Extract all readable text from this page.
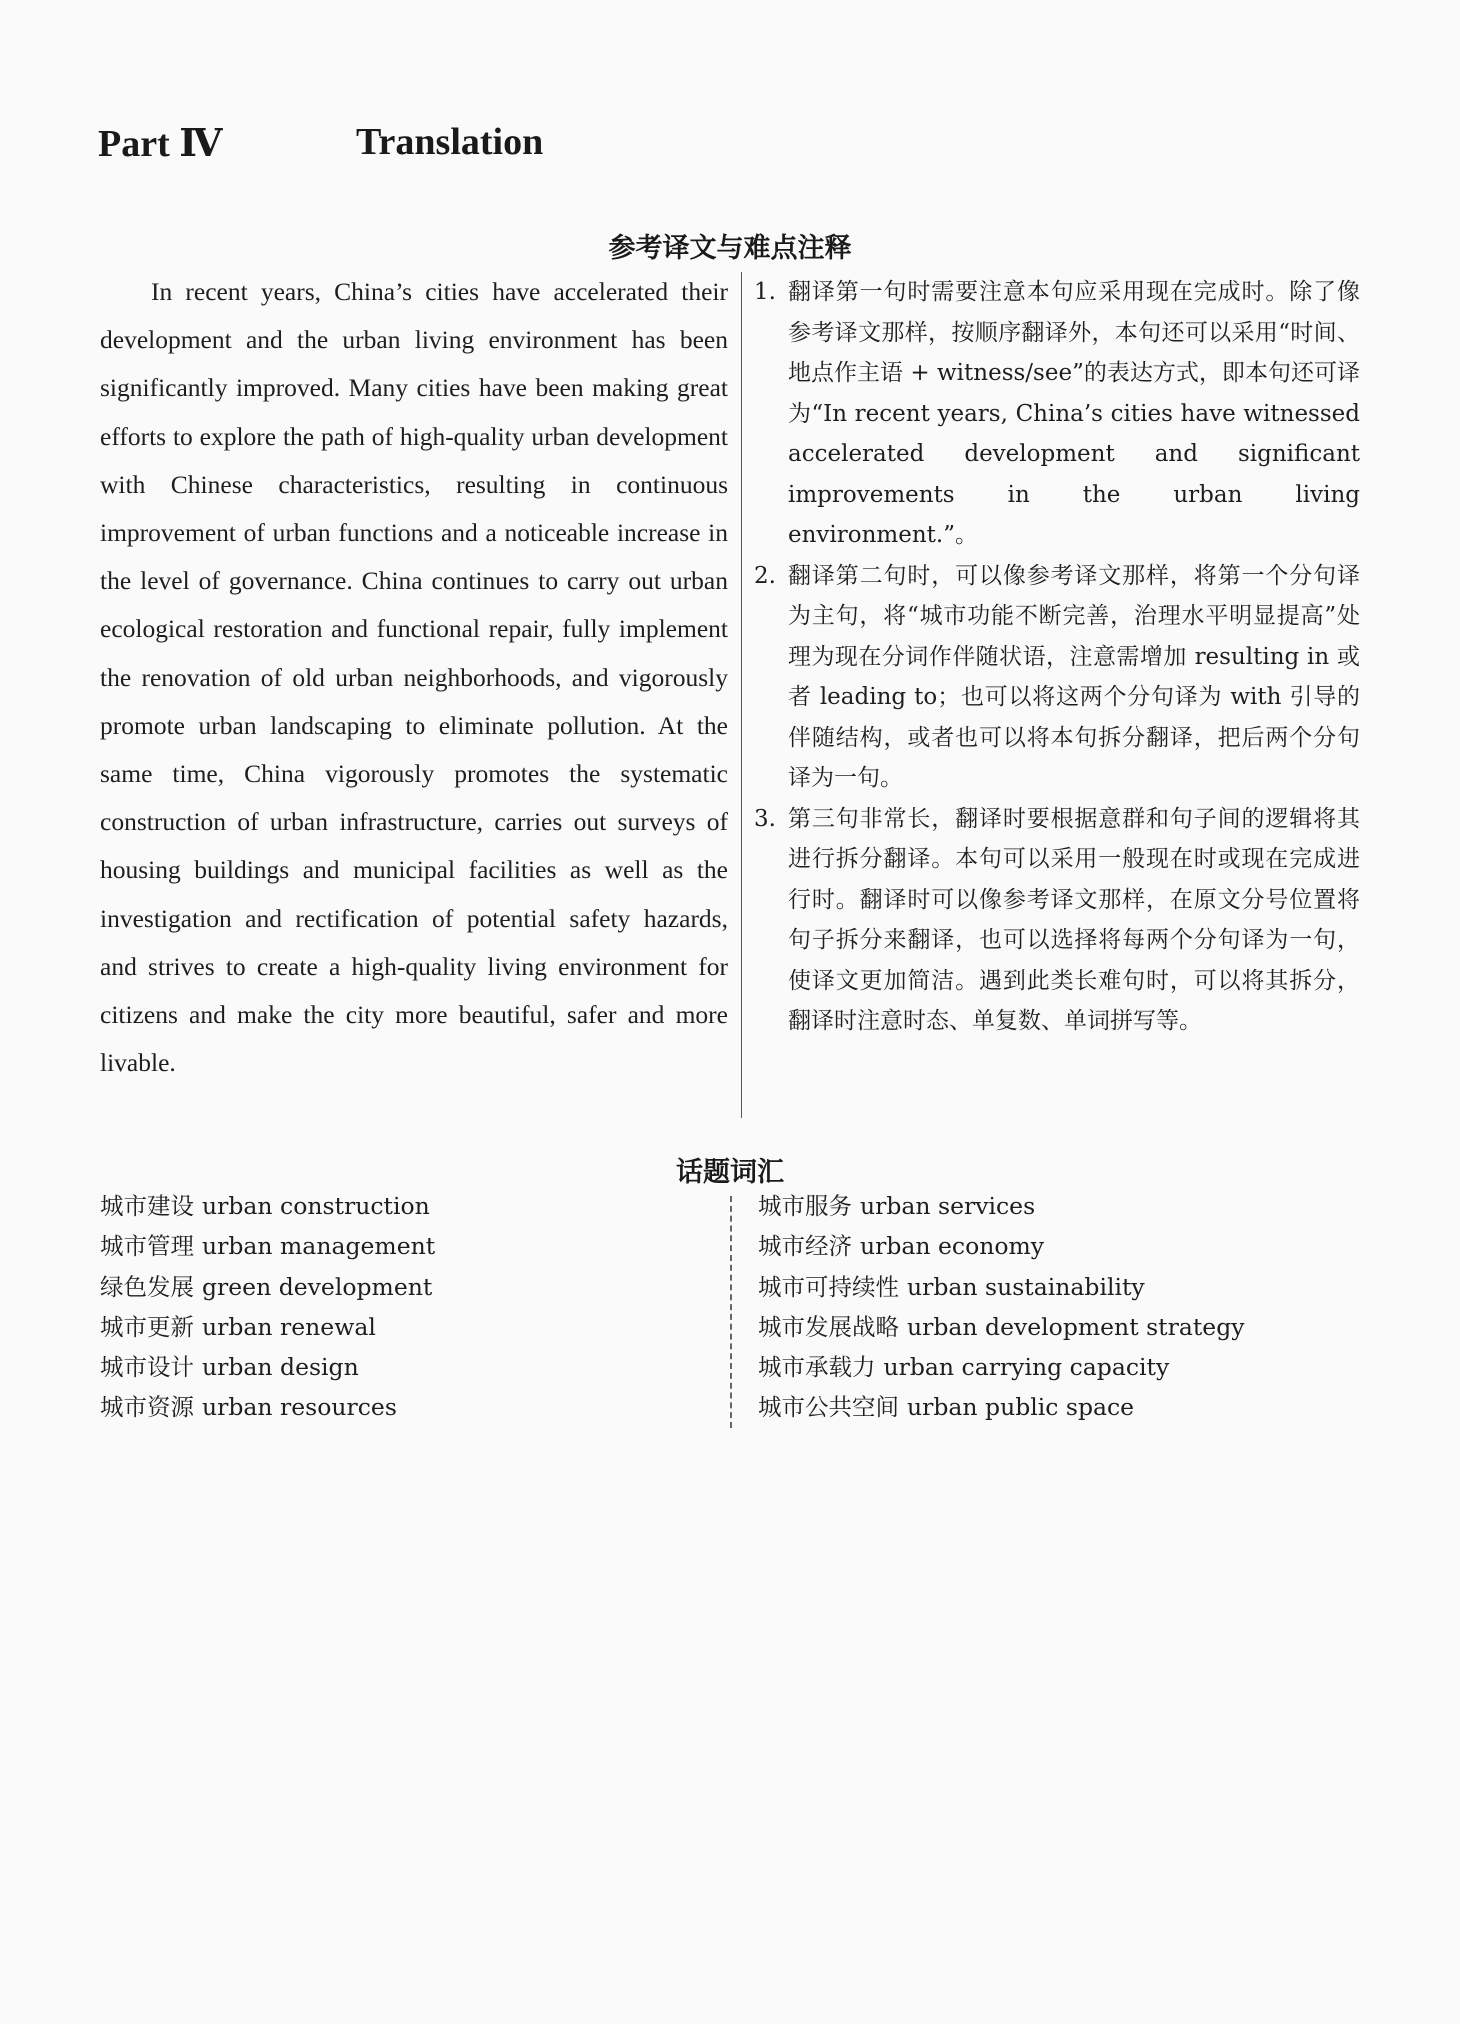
Part Ⅳ	Translation
参考译文与难点注释

In recent years, China’s cities have accelerated their development and the urban living environment has been significantly improved. Many cities have been making great efforts to explore the path of high-quality urban development with Chinese characteristics, resulting in continuous improvement of urban functions and a noticeable increase in the level of governance. China continues to carry out urban ecological restoration and functional repair, fully implement the renovation of old urban neighborhoods, and vigorously promote urban landscaping to eliminate pollution. At the same time, China vigorously promotes the systematic construction of urban infrastructure, carries out surveys of housing buildings and municipal facilities as well as the investigation and rectification of potential safety hazards, and strives to create a high-quality living environment for citizens and make the city more beautiful, safer and more livable.

1. 翻译第一句时需要注意本句应采用现在完成时。除了像参考译文那样，按顺序翻译外，本句还可以采用“时间、地点作主语 + witness/see”的表达方式，即本句还可译为“In recent years, China’s cities have witnessed accelerated development and significant improvements in the urban living environment.”。
2. 翻译第二句时，可以像参考译文那样，将第一个分句译为主句，将“城市功能不断完善，治理水平明显提高”处理为现在分词作伴随状语，注意需增加 resulting in 或者 leading to；也可以将这两个分句译为 with 引导的伴随结构，或者也可以将本句拆分翻译，把后两个分句译为一句。
3. 第三句非常长，翻译时要根据意群和句子间的逻辑将其进行拆分翻译。本句可以采用一般现在时或现在完成进行时。翻译时可以像参考译文那样，在原文分号位置将句子拆分来翻译，也可以选择将每两个分句译为一句，使译文更加简洁。遇到此类长难句时，可以将其拆分，翻译时注意时态、单复数、单词拼写等。
话题词汇
城市建设 urban construction
城市管理 urban management
绿色发展 green development
城市更新 urban renewal
城市设计 urban design
城市资源 urban resources
城市服务 urban services
城市经济 urban economy
城市可持续性 urban sustainability
城市发展战略 urban development strategy
城市承载力 urban carrying capacity
城市公共空间 urban public space
